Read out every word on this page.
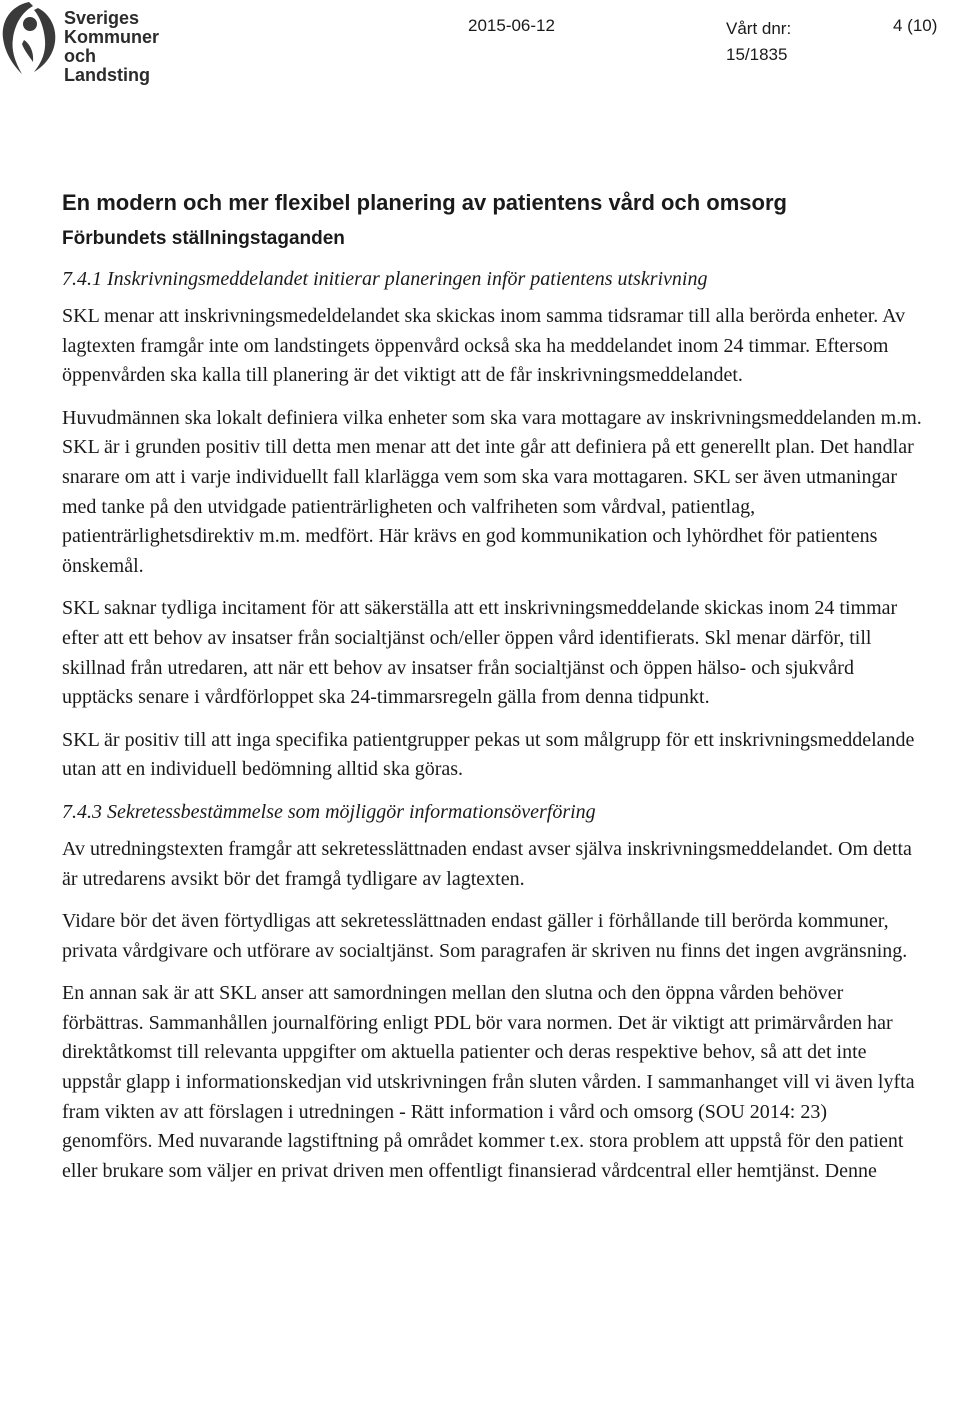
Sveriges
Kommuner
och Landsting
2015-06-12	Vårt dnr:
15/1835
4 (10)
En modern och mer flexibel planering av patientens vård och omsorg
Förbundets ställningstaganden
7.4.1 Inskrivningsmeddelandet initierar planeringen inför patientens utskrivning

SKL menar att inskrivningsmedeldelandet ska skickas inom samma tidsramar till alla berörda enheter. Av lagtexten framgår inte om landstingets öppenvård också ska ha meddelandet inom 24 timmar. Eftersom öppenvården ska kalla till planering är det viktigt att de får inskrivningsmeddelandet.

Huvudmännen ska lokalt definiera vilka enheter som ska vara mottagare av inskrivningsmeddelanden m.m. SKL är i grunden positiv till detta men menar att det inte går att definiera på ett generellt plan. Det handlar snarare om att i varje individuellt fall klarlägga vem som ska vara mottagaren. SKL ser även utmaningar med tanke på den utvidgade patienträrligheten och valfriheten som vårdval, patientlag, patienträrlighetsdirektiv m.m. medfört. Här krävs en god kommunikation och lyhördhet för patientens önskemål.

SKL saknar tydliga incitament för att säkerställa att ett inskrivningsmeddelande skickas inom 24 timmar efter att ett behov av insatser från socialtjänst och/eller öppen vård identifierats. Skl menar därför, till skillnad från utredaren, att när ett behov av insatser från socialtjänst och öppen hälso- och sjukvård upptäcks senare i vårdförloppet ska 24-timmarsregeln gälla from denna tidpunkt.

SKL är positiv till att inga specifika patientgrupper pekas ut som målgrupp för ett inskrivningsmeddelande utan att en individuell bedömning alltid ska göras.

7.4.3 Sekretessbestämmelse som möjliggör informationsöverföring

Av utredningstexten framgår att sekretesslättnaden endast avser själva inskrivningsmeddelandet. Om detta är utredarens avsikt bör det framgå tydligare av lagtexten.

Vidare bör det även förtydligas att sekretesslättnaden endast gäller i förhållande till berörda kommuner, privata vårdgivare och utförare av socialtjänst. Som paragrafen är skriven nu finns det ingen avgränsning.

En annan sak är att SKL anser att samordningen mellan den slutna och den öppna vården behöver förbättras. Sammanhållen journalföring enligt PDL bör vara normen. Det är viktigt att primärvården har direktåtkomst till relevanta uppgifter om aktuella patienter och deras respektive behov, så att det inte uppstår glapp i informationskedjan vid utskrivningen från sluten vården. I sammanhanget vill vi även lyfta fram vikten av att förslagen i utredningen - Rätt information i vård och omsorg (SOU 2014: 23) genomförs. Med nuvarande lagstiftning på området kommer t.ex. stora problem att uppstå för den patient eller brukare som väljer en privat driven men offentligt finansierad vårdcentral eller hemtjänst. Denne
